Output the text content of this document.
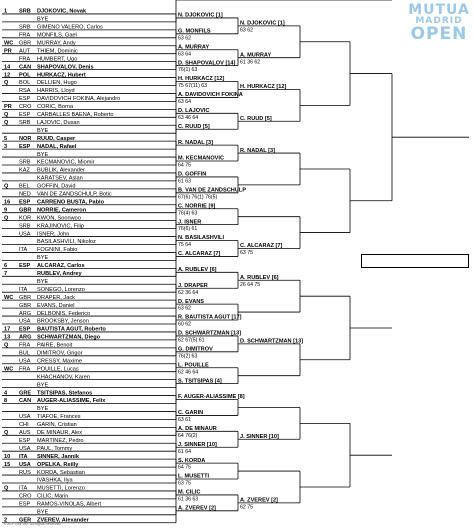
MUTUA
MADRID
OPEN
1 SRB DJOKOVIC, Novak
BYE
SRB GIMENO VALERO, Carlos
FRA MONFILS, Gael
WC GBR MURRAY, Andy
PR AUT THIEM, Dominic
FRA HUMBERT, Ugo
14 CAN SHAPOVALOV, Denis
12 POL HURKACZ, Hubert
Q BOL DELLIEN, Hugo
RSA HARRIS, Lloyd
ESP DAVIDOVICH FOKINA, Alejandro
PR CRO CORIC, Borna
Q ESP CARBALLES BAENA, Roberto
Q SRB LAJOVIC, Dusan
BYE
5 NOR RUUD, Casper
3 ESP NADAL, Rafael
BYE
SRB KECMANOVIC, Miomir
KAZ BUBLIK, Alexander
KARATSEV, Aslan
Q BEL GOFFIN, David
NED VAN DE ZANDSCHULP, Botic
16 ESP CARRENO BUSTA, Pablo
9 GBR NORRIE, Cameron
Q KOR KWON, Soonwoo
SRB KRAJINOVIC, Filip
USA ISNER, John
BASILASHVILI, Nikoloz
ITA FOGNINI, Fabio
BYE
6 ESP ALCARAZ, Carlos
7	RUBLEV, Andrey
BYE
ITA SONEGO, Lorenzo
WC GBR DRAPER, Jack
GBR EVANS, Daniel
ARG DELBONIS, Federico
USA BROOKSBY, Jenson
17 ESP BAUTISTA AGUT, Roberto
13 ARG SCHWARTZMAN, Diego
Q FRA PAIRE, Benoit
BUL DIMITROV, Grigor
USA CRESSY, Maxime
WC FRA POUILLE, Lucas
KHACHANOV, Karen
BYE
4 GRE TSITSIPAS, Stefanos
8 CAN AUGER-ALIASSIME, Felix
BYE
USA TIAFOE, Frances
CHI GARIN, Cristian
Q AUS DE MINAUR, Alex
ESP MARTINEZ, Pedro
USA PAUL, Tommy
10 ITA SINNER, Jannik
15 USA OPELKA, Reilly
RUS KORDA, Sebastian
IVASHKA, Ilya
Q ITA MUSETTI, Lorenzo
CRO CILIC, Marin
ESP RAMOS-VINOLAS, Albert
BYE
2 GER ZVEREV, Alexander
N. DJOKOVIC [1]
G. MONFILS
63 62
A. MURRAY
63 64
D. SHAPOVALOV [14]
76(1) 63
H. HURKACZ [12]
75 67(11) 63
A. DAVIDOVICH FOKINA
63 64
D. LAJOVIC
63 46 64
C. RUUD [5]
R. NADAL [3]
M. KECMANOVIC
64 75
D. GOFFIN
61 63
B. VAN DE ZANDSCHULP
67(6) 76(1) 76(5)
C. NORRIE [9]
76(4) 63
J. ISNER
76(6) 61
N. BASILASHVILI
75 64
C. ALCARAZ [7]
A. RUBLEV [6]
J. DRAPER
62 36 64
D. EVANS
63 62
R. BAUTISTA AGUT [17]
60 62
D. SCHWARTZMAN [13]
62 67(5) 61
G. DIMITROV
76(2) 63
L. POUILLE
62 46 64
S. TSITSIPAS [4]
F. AUGER-ALIASSIME [8]
C. GARIN
63 61
A. DE MINAUR
64 76(2)
J. SINNER [10]
61 64
S. KORDA
64 75
L. MUSETTI
63 75
M. CILIC
61 36 63
A. ZVEREV [2]
N. DJOKOVIC [1]
63 62
A. MURRAY
61 36 62
H. HURKACZ [12]
C. RUUD [5]
R. NADAL [3]
C. ALCARAZ [7]
63 75
A. RUBLEV [6]
26 64 75
D. SCHWARTZMAN [13]
J. SINNER [10]
A. ZVEREV [2]
62 75
© ATP Tour, Inc. All Rights Reserved.
